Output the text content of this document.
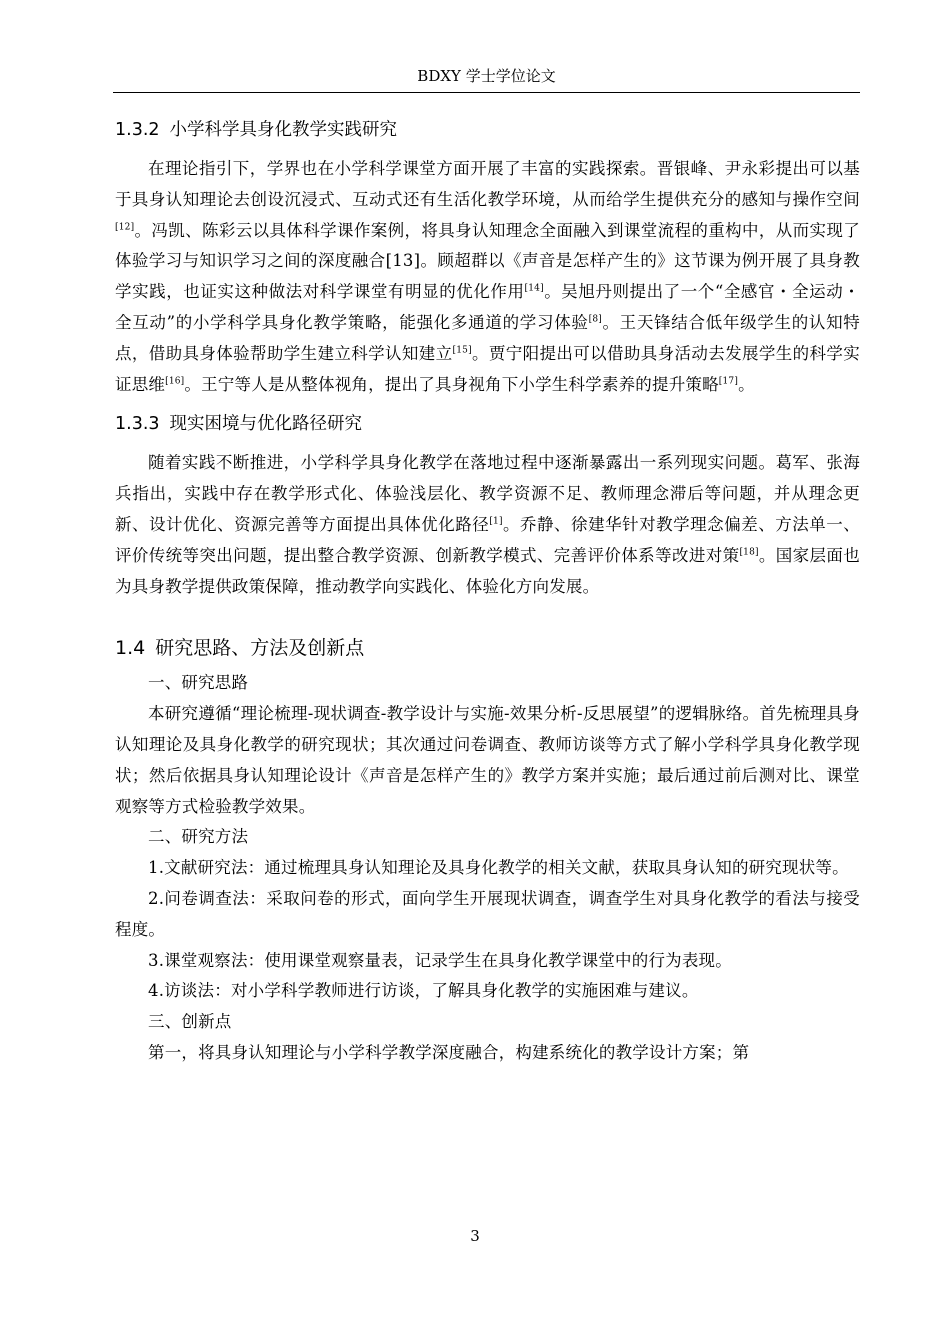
BDXY 学士学位论文
1.3.2 小学科学具身化教学实践研究

在理论指引下，学界也在小学科学课堂方面开展了丰富的实践探索。晋银峰、尹永彩提出可以基于具身认知理论去创设沉浸式、互动式还有生活化教学环境，从而给学生提供充分的感知与操作空间[12]。冯凯、陈彩云以具体科学课作案例，将具身认知理念全面融入到课堂流程的重构中，从而实现了体验学习与知识学习之间的深度融合[13]。顾超群以《声音是怎样产生的》这节课为例开展了具身教学实践，也证实这种做法对科学课堂有明显的优化作用[14]。吴旭丹则提出了一个“全感官・全运动・全互动”的小学科学具身化教学策略，能强化多通道的学习体验[8]。王天锋结合低年级学生的认知特点，借助具身体验帮助学生建立科学认知建立[15]。贾宁阳提出可以借助具身活动去发展学生的科学实证思维[16]。王宁等人是从整体视角，提出了具身视角下小学生科学素养的提升策略[17]。

1.3.3 现实困境与优化路径研究

随着实践不断推进，小学科学具身化教学在落地过程中逐渐暴露出一系列现实问题。葛军、张海兵指出，实践中存在教学形式化、体验浅层化、教学资源不足、教师理念滞后等问题，并从理念更新、设计优化、资源完善等方面提出具体优化路径[1]。乔静、徐建华针对教学理念偏差、方法单一、评价传统等突出问题，提出整合教学资源、创新教学模式、完善评价体系等改进对策[18]。国家层面也为具身教学提供政策保障，推动教学向实践化、体验化方向发展。

1.4 研究思路、方法及创新点

一、研究思路

本研究遵循“理论梳理-现状调查-教学设计与实施-效果分析-反思展望”的逻辑脉络。首先梳理具身认知理论及具身化教学的研究现状；其次通过问卷调查、教师访谈等方式了解小学科学具身化教学现状；然后依据具身认知理论设计《声音是怎样产生的》教学方案并实施；最后通过前后测对比、课堂观察等方式检验教学效果。

二、研究方法

1.文献研究法：通过梳理具身认知理论及具身化教学的相关文献，获取具身认知的研究现状等。

2.问卷调查法：采取问卷的形式，面向学生开展现状调查，调查学生对具身化教学的看法与接受程度。

3.课堂观察法：使用课堂观察量表，记录学生在具身化教学课堂中的行为表现。

4.访谈法：对小学科学教师进行访谈，了解具身化教学的实施困难与建议。

三、创新点

第一，将具身认知理论与小学科学教学深度融合，构建系统化的教学设计方案；第

3
